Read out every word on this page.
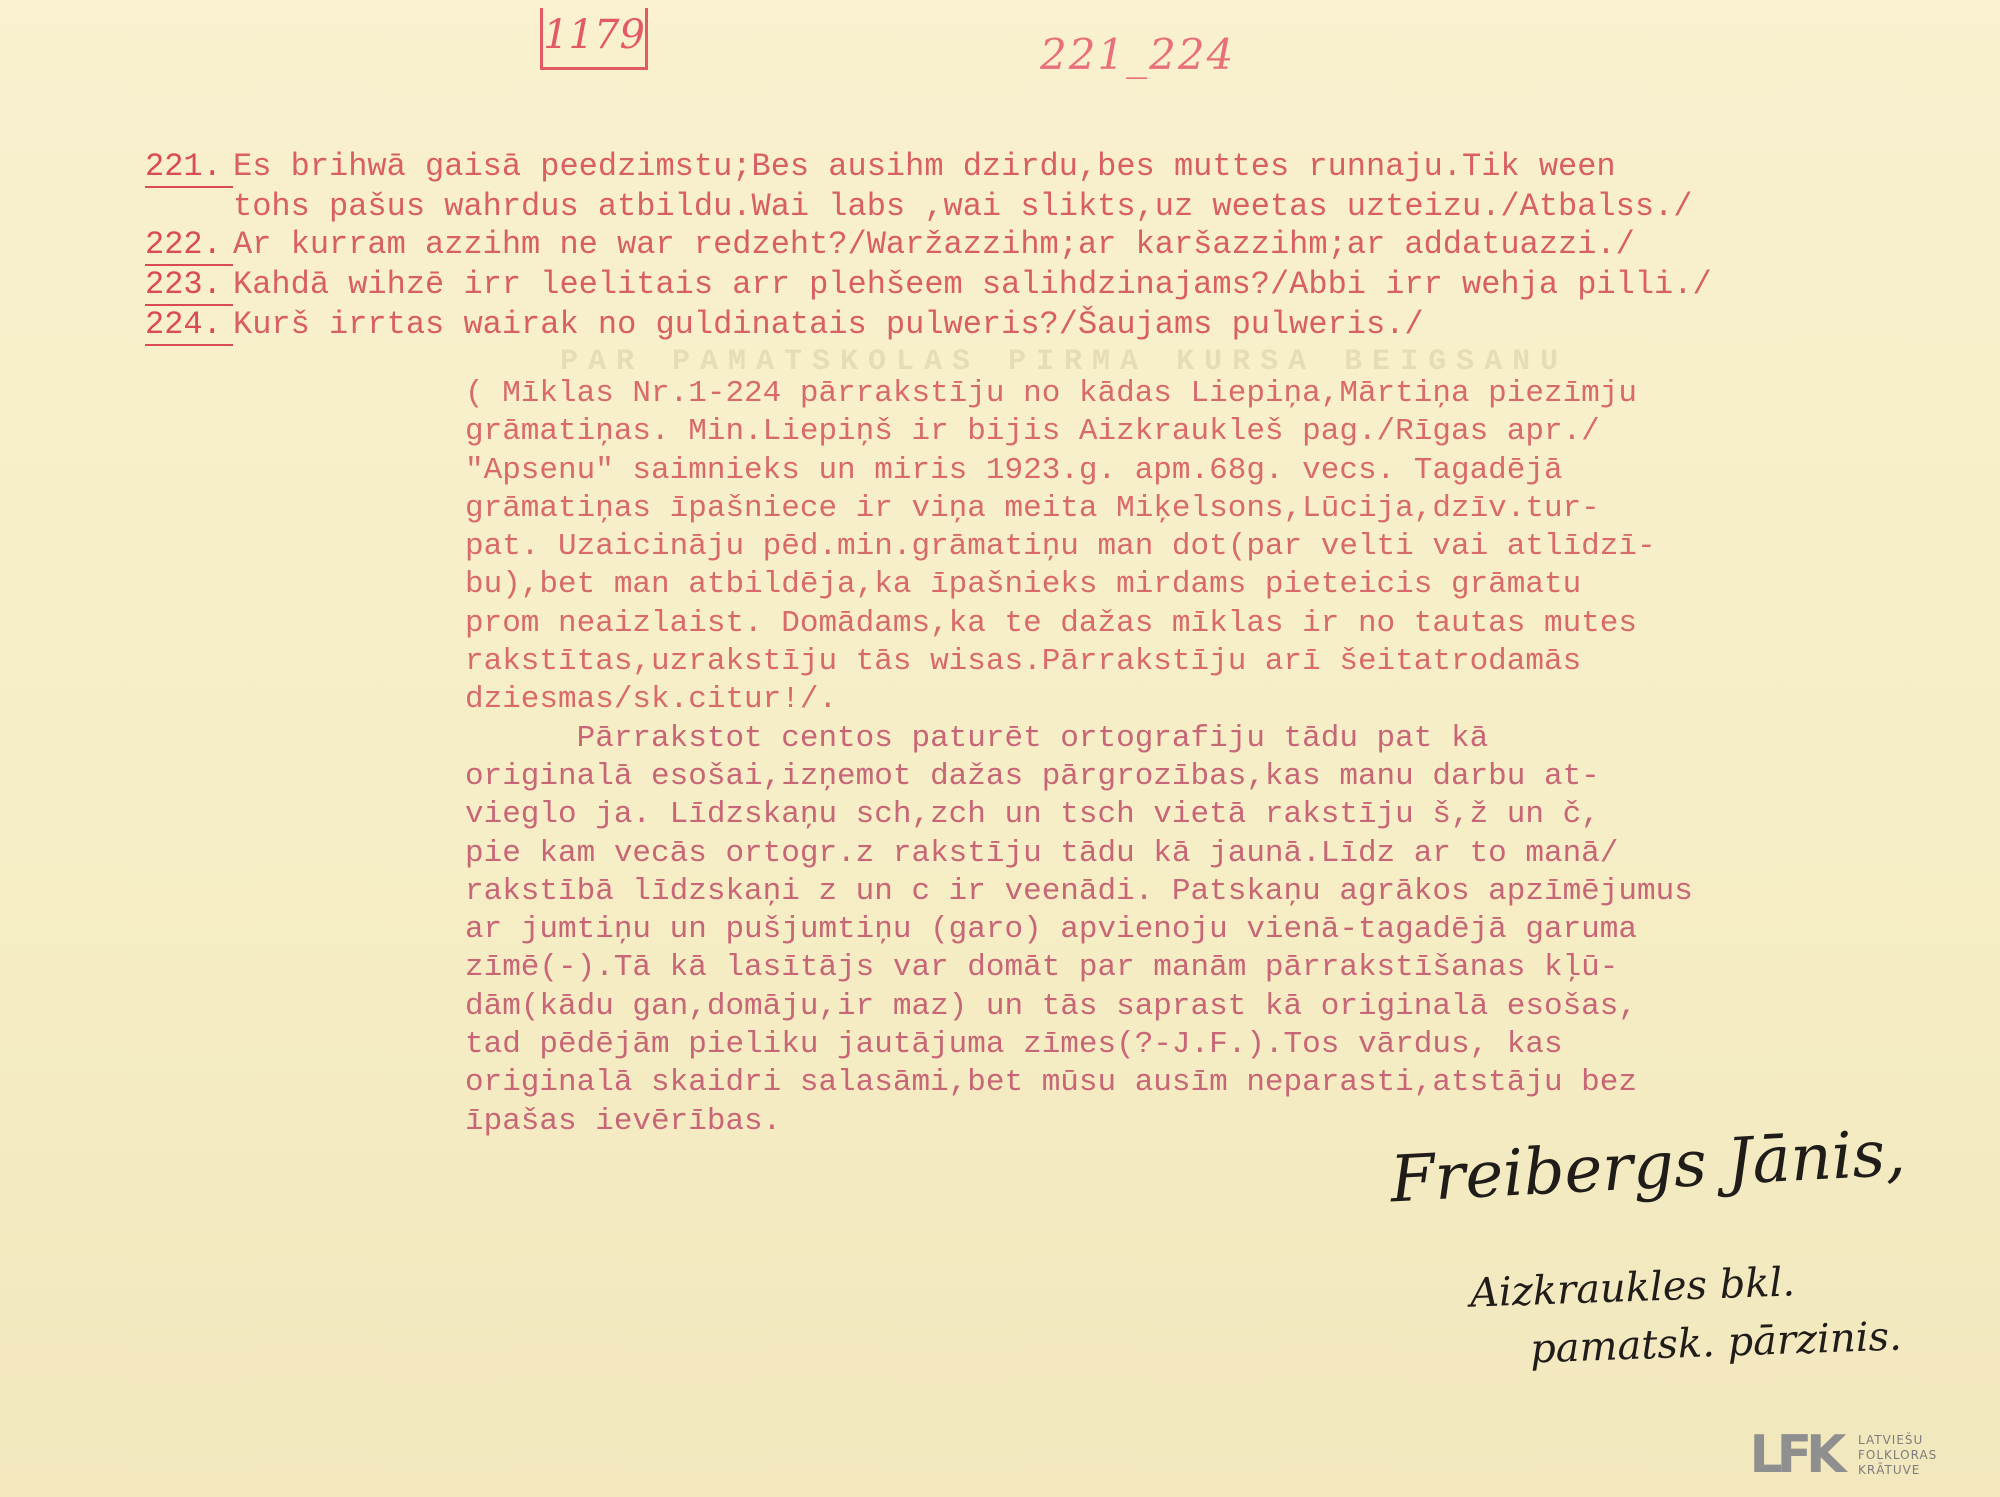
1179	221_224
PAR PAMATSKOLAS PIRMA KURSA BEIGSANU
221. Es brihwā gaisā peedzimstu;Bes ausihm dzirdu,bes muttes runnaju.Tik ween
tohs pašus wahrdus atbildu.Wai labs ,wai slikts,uz weetas uzteizu./Atbalss./
222. Ar kurram azzihm ne war redzeht?/Waržazzihm;ar karšazzihm;ar addatuazzi./
223. Kahdā wihzē irr leelitais arr plehšeem salihdzinajams?/Abbi irr wehja pilli./
224. Kurš irrtas wairak no guldinatais pulweris?/Šaujams pulweris./
( Mīklas Nr.1-224 pārrakstīju no kādas Liepiņa,Mārtiņa piezīmju
grāmatiņas. Min.Liepiņš ir bijis Aizkraukleš pag./Rīgas apr./
"Apsenu" saimnieks un miris 1923.g. apm.68g. vecs. Tagadējā
grāmatiņas īpašniece ir viņa meita Miķelsons,Lūcija,dzīv.tur-
pat. Uzaicināju pēd.min.grāmatiņu man dot(par velti vai atlīdzī-
bu),bet man atbildēja,ka īpašnieks mirdams pieteicis grāmatu
prom neaizlaist. Domādams,ka te dažas mīklas ir no tautas mutes
rakstītas,uzrakstīju tās wisas.Pārrakstīju arī šeitatrodamās
dziesmas/sk.citur!/.
Pārrakstot centos paturēt ortografiju tādu pat kā
originalā esošai,izņemot dažas pārgrozības,kas manu darbu at-
vieglo ja. Līdzskaņu sch,zch un tsch vietā rakstīju š,ž un č,
pie kam vecās ortogr.z rakstīju tādu kā jaunā.Līdz ar to manā/
rakstībā līdzskaņi z un c ir veenādi. Patskaņu agrākos apzīmējumus
ar jumtiņu un pušjumtiņu (garo) apvienoju vienā-tagadējā garuma
zīmē(-).Tā kā lasītājs var domāt par manām pārrakstīšanas kļū-
dām(kādu gan,domāju,ir maz) un tās saprast kā originalā esošas,
tad pēdējām pieliku jautājuma zīmes(?-J.F.).Tos vārdus, kas
originalā skaidri salasāmi,bet mūsu ausīm neparasti,atstāju bez
īpašas ievērības.	Freibergs Jānis,
Aizkraukles bkl.
pamatsk. pārzinis.
LFK	LATVIEŠU
FOLKLORAS
KRĀTUVE
